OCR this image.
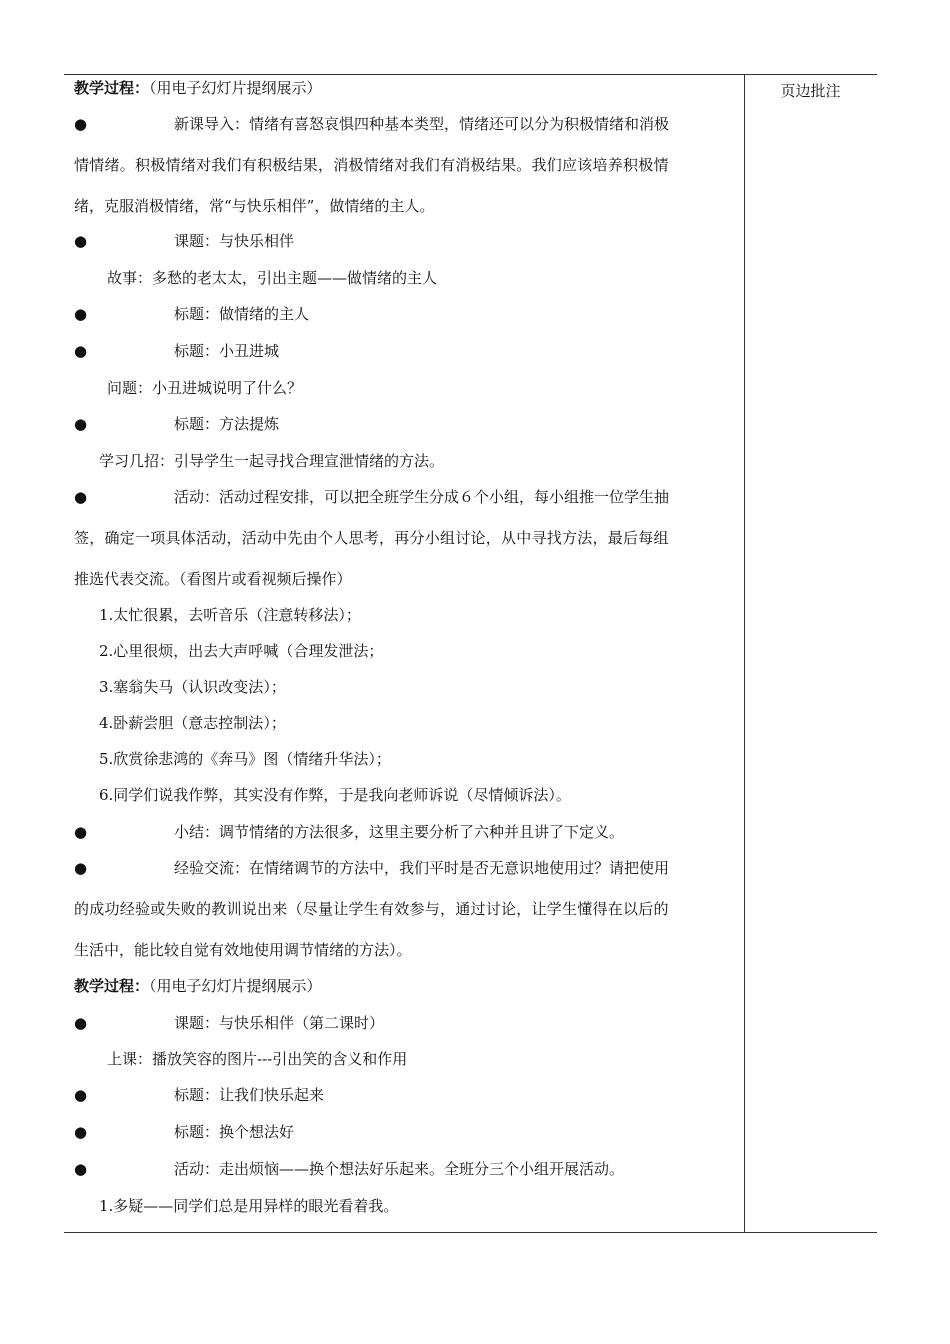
页边批注
教学过程：（用电子幻灯片提纲展示）
●	新课导入：情绪有喜怒哀惧四种基本类型，情绪还可以分为积极情绪和消极
情情绪。积极情绪对我们有积极结果，消极情绪对我们有消极结果。我们应该培养积极情
绪，克服消极情绪，常“与快乐相伴”，做情绪的主人。
●	课题：与快乐相伴
故事：多愁的老太太，引出主题——做情绪的主人
●	标题：做情绪的主人
●	标题：小丑进城
问题：小丑进城说明了什么？
●	标题：方法提炼
学习几招：引导学生一起寻找合理宣泄情绪的方法。
●	活动：活动过程安排，可以把全班学生分成６个小组，每小组推一位学生抽
签，确定一项具体活动，活动中先由个人思考，再分小组讨论，从中寻找方法，最后每组
推选代表交流。（看图片或看视频后操作）
1.太忙很累，去听音乐（注意转移法）；
2.心里很烦，出去大声呼喊（合理发泄法；
3.塞翁失马（认识改变法）；
4.卧薪尝胆（意志控制法）；
5.欣赏徐悲鸿的《奔马》图（情绪升华法）；
6.同学们说我作弊，其实没有作弊，于是我向老师诉说（尽情倾诉法）。
●	小结：调节情绪的方法很多，这里主要分析了六种并且讲了下定义。
●	经验交流：在情绪调节的方法中，我们平时是否无意识地使用过？请把使用
的成功经验或失败的教训说出来（尽量让学生有效参与，通过讨论，让学生懂得在以后的
生活中，能比较自觉有效地使用调节情绪的方法）。
教学过程：（用电子幻灯片提纲展示）
●	课题：与快乐相伴（第二课时）
上课：播放笑容的图片---引出笑的含义和作用
●	标题：让我们快乐起来
●	标题：换个想法好
●	活动：走出烦恼——换个想法好乐起来。全班分三个小组开展活动。
1.多疑——同学们总是用异样的眼光看着我。
